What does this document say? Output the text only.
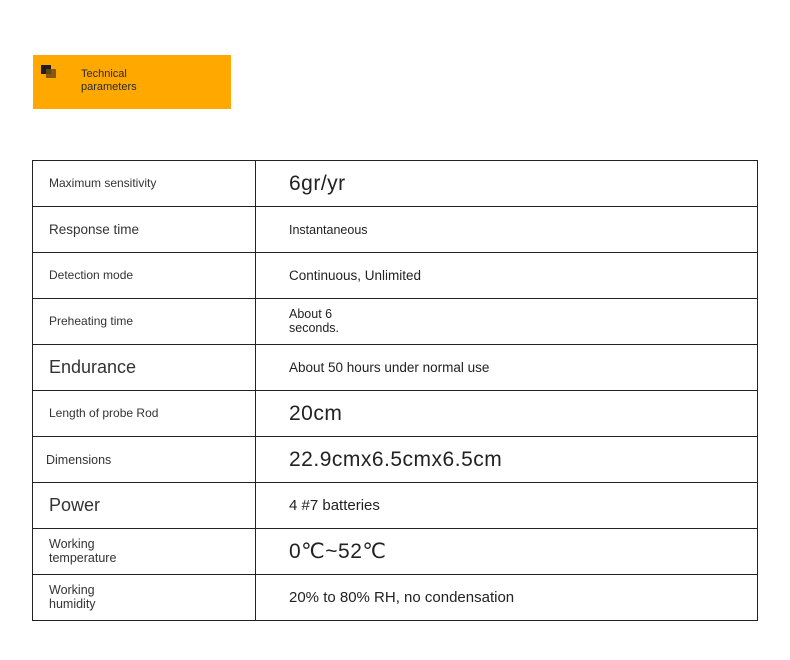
Technical parameters
Maximum sensitivity	6gr/yr
Response time	Instantaneous
Detection mode	Continuous, Unlimited
Preheating time	About 6 seconds.
Endurance	About 50 hours under normal use
Length of probe Rod	20cm
Dimensions	22.9cmx6.5cmx6.5cm
Power	4 #7 batteries
Working temperature	0℃~52℃
Working humidity	20% to 80% RH, no condensation
